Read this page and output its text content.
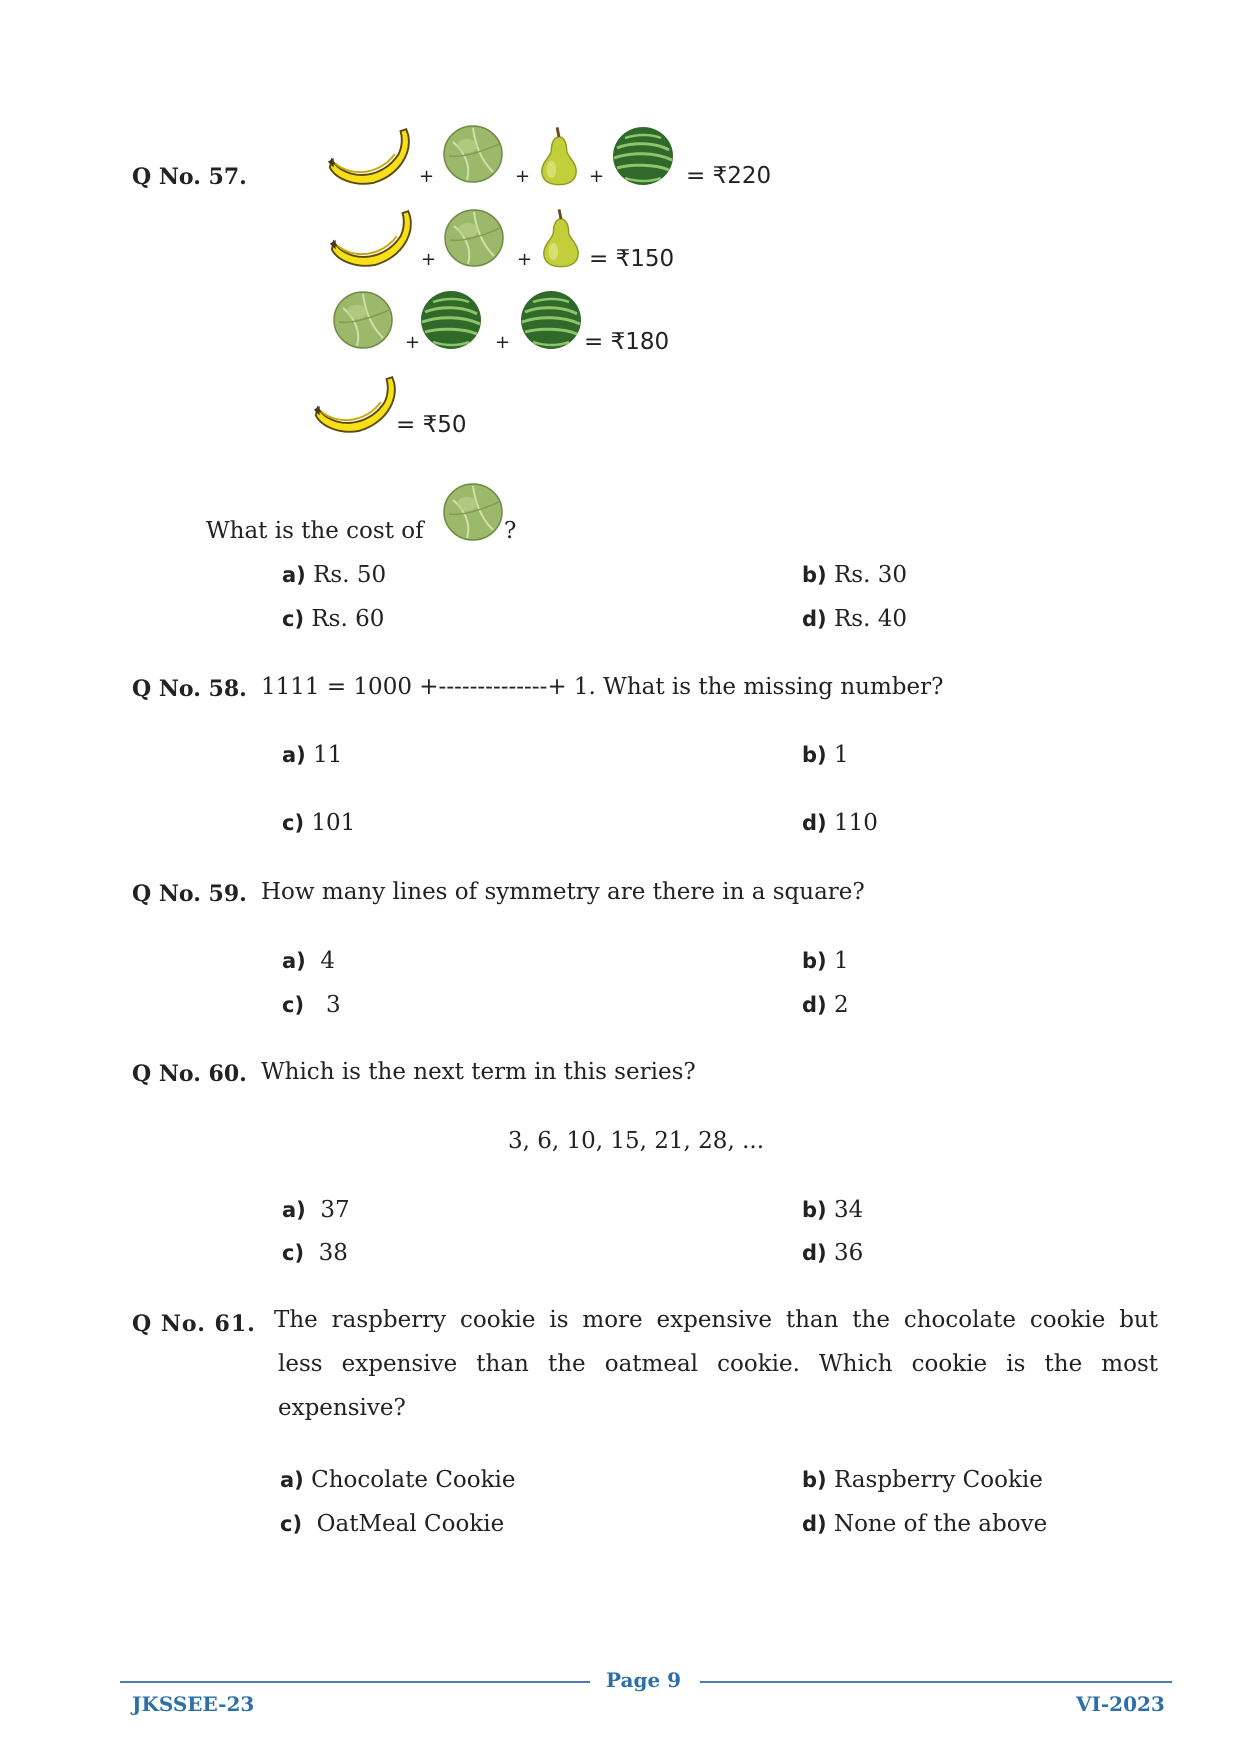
Q No. 57.	+	+	+	= ₹220
+	+ = ₹150
+	+	= ₹180
= ₹50
What is the cost of	?
a) Rs. 50	b) Rs. 30
c) Rs. 60	d) Rs. 40
Q No. 58. 1111 = 1000 +--------------+ 1. What is the missing number?
a) 11	b) 1
c) 101	d) 110
Q No. 59. How many lines of symmetry are there in a square?
a) 4	b) 1
c) 3	d) 2
Q No. 60. Which is the next term in this series?
3, 6, 10, 15, 21, 28, ...
a) 37	b) 34
c) 38	d) 36
Q No. 61. The raspberry cookie is more expensive than the chocolate cookie but
less expensive than the oatmeal cookie. Which cookie is the most
expensive?
a) Chocolate Cookie	b) Raspberry Cookie
c) OatMeal Cookie	d) None of the above
Page 9
JKSSEE-23	VI-2023
